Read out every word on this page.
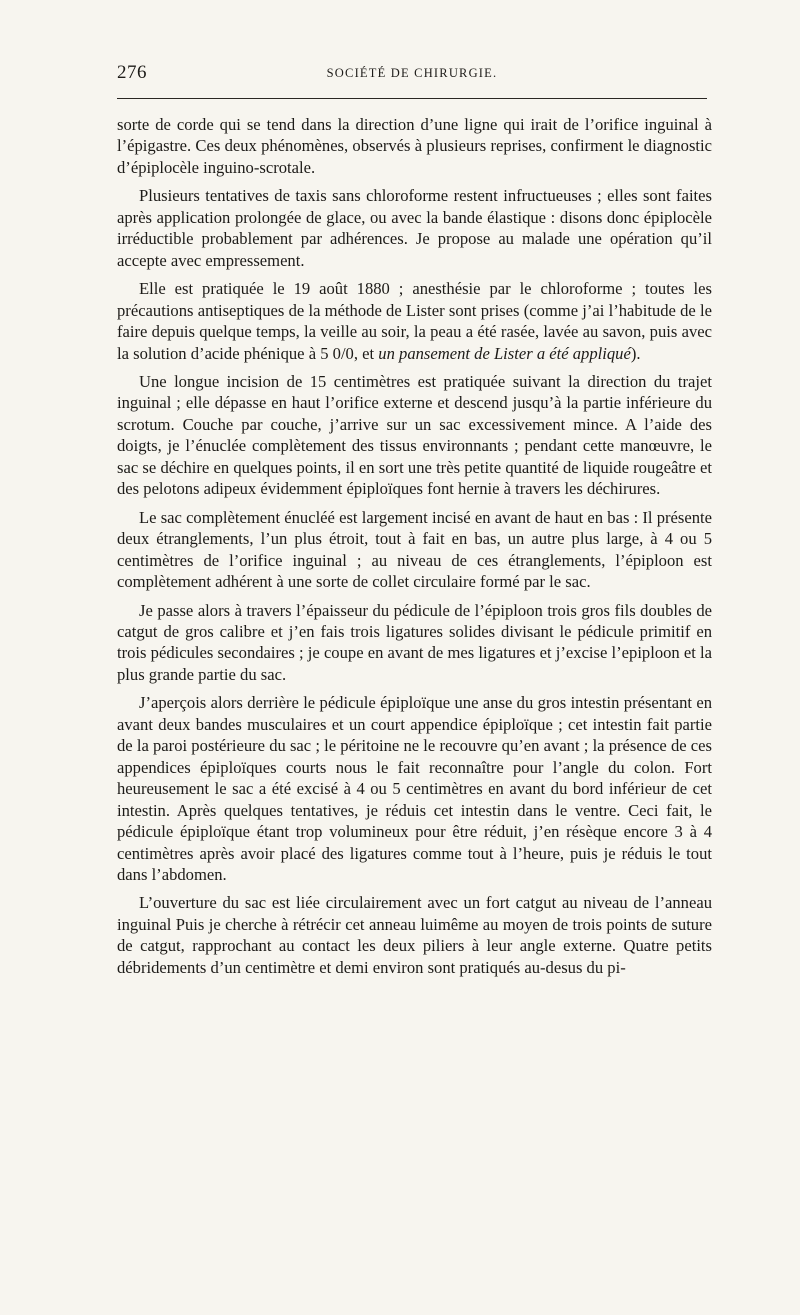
276	SOCIÉTÉ DE CHIRURGIE.

sorte de corde qui se tend dans la direction d’une ligne qui irait de l’orifice inguinal à l’épigastre. Ces deux phénomènes, observés à plusieurs reprises, confirment le diagnostic d’épiplocèle inguino-scrotale.

Plusieurs tentatives de taxis sans chloroforme restent infructueuses ; elles sont faites après application prolongée de glace, ou avec la bande élastique : disons donc épiplocèle irréductible probablement par adhérences. Je propose au malade une opération qu’il accepte avec empressement.

Elle est pratiquée le 19 août 1880 ; anesthésie par le chloroforme ; toutes les précautions antiseptiques de la méthode de Lister sont prises (comme j’ai l’habitude de le faire depuis quelque temps, la veille au soir, la peau a été rasée, lavée au savon, puis avec la solution d’acide phénique à 5 0/0, et un pansement de Lister a été appliqué).

Une longue incision de 15 centimètres est pratiquée suivant la direction du trajet inguinal ; elle dépasse en haut l’orifice externe et descend jusqu’à la partie inférieure du scrotum. Couche par couche, j’arrive sur un sac excessivement mince. A l’aide des doigts, je l’énuclée complètement des tissus environnants ; pendant cette manœuvre, le sac se déchire en quelques points, il en sort une très petite quantité de liquide rougeâtre et des pelotons adipeux évidemment épiploïques font hernie à travers les déchirures.

Le sac complètement énucléé est largement incisé en avant de haut en bas : Il présente deux étranglements, l’un plus étroit, tout à fait en bas, un autre plus large, à 4 ou 5 centimètres de l’orifice inguinal ; au niveau de ces étranglements, l’épiploon est complètement adhérent à une sorte de collet circulaire formé par le sac.

Je passe alors à travers l’épaisseur du pédicule de l’épiploon trois gros fils doubles de catgut de gros calibre et j’en fais trois ligatures solides divisant le pédicule primitif en trois pédicules secondaires ; je coupe en avant de mes ligatures et j’excise l’epiploon et la plus grande partie du sac.

J’aperçois alors derrière le pédicule épiploïque une anse du gros intestin présentant en avant deux bandes musculaires et un court appendice épiploïque ; cet intestin fait partie de la paroi postérieure du sac ; le péritoine ne le recouvre qu’en avant ; la présence de ces appendices épiploïques courts nous le fait reconnaître pour l’angle du colon. Fort heureusement le sac a été excisé à 4 ou 5 centimètres en avant du bord inférieur de cet intestin. Après quelques tentatives, je réduis cet intestin dans le ventre. Ceci fait, le pédicule épiploïque étant trop volumineux pour être réduit, j’en résèque encore 3 à 4 centimètres après avoir placé des ligatures comme tout à l’heure, puis je réduis le tout dans l’abdomen.

L’ouverture du sac est liée circulairement avec un fort catgut au niveau de l’anneau inguinal Puis je cherche à rétrécir cet anneau luimême au moyen de trois points de suture de catgut, rapprochant au contact les deux piliers à leur angle externe. Quatre petits débridements d’un centimètre et demi environ sont pratiqués au-desus du pi-
